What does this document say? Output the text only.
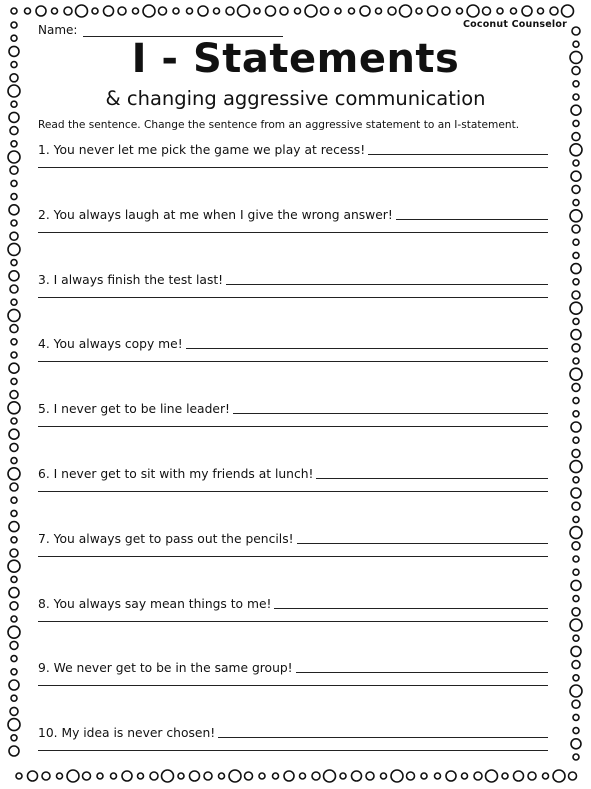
Coconut Counselor
Name:
I - Statements
& changing aggressive communication
Read the sentence. Change the sentence from an aggressive statement to an I-statement.
1. You never let me pick the game we play at recess!
2. You always laugh at me when I give the wrong answer!
3. I always finish the test last!
4. You always copy me!
5. I never get to be line leader!
6. I never get to sit with my friends at lunch!
7. You always get to pass out the pencils!
8. You always say mean things to me!
9. We never get to be in the same group!
10. My idea is never chosen!
